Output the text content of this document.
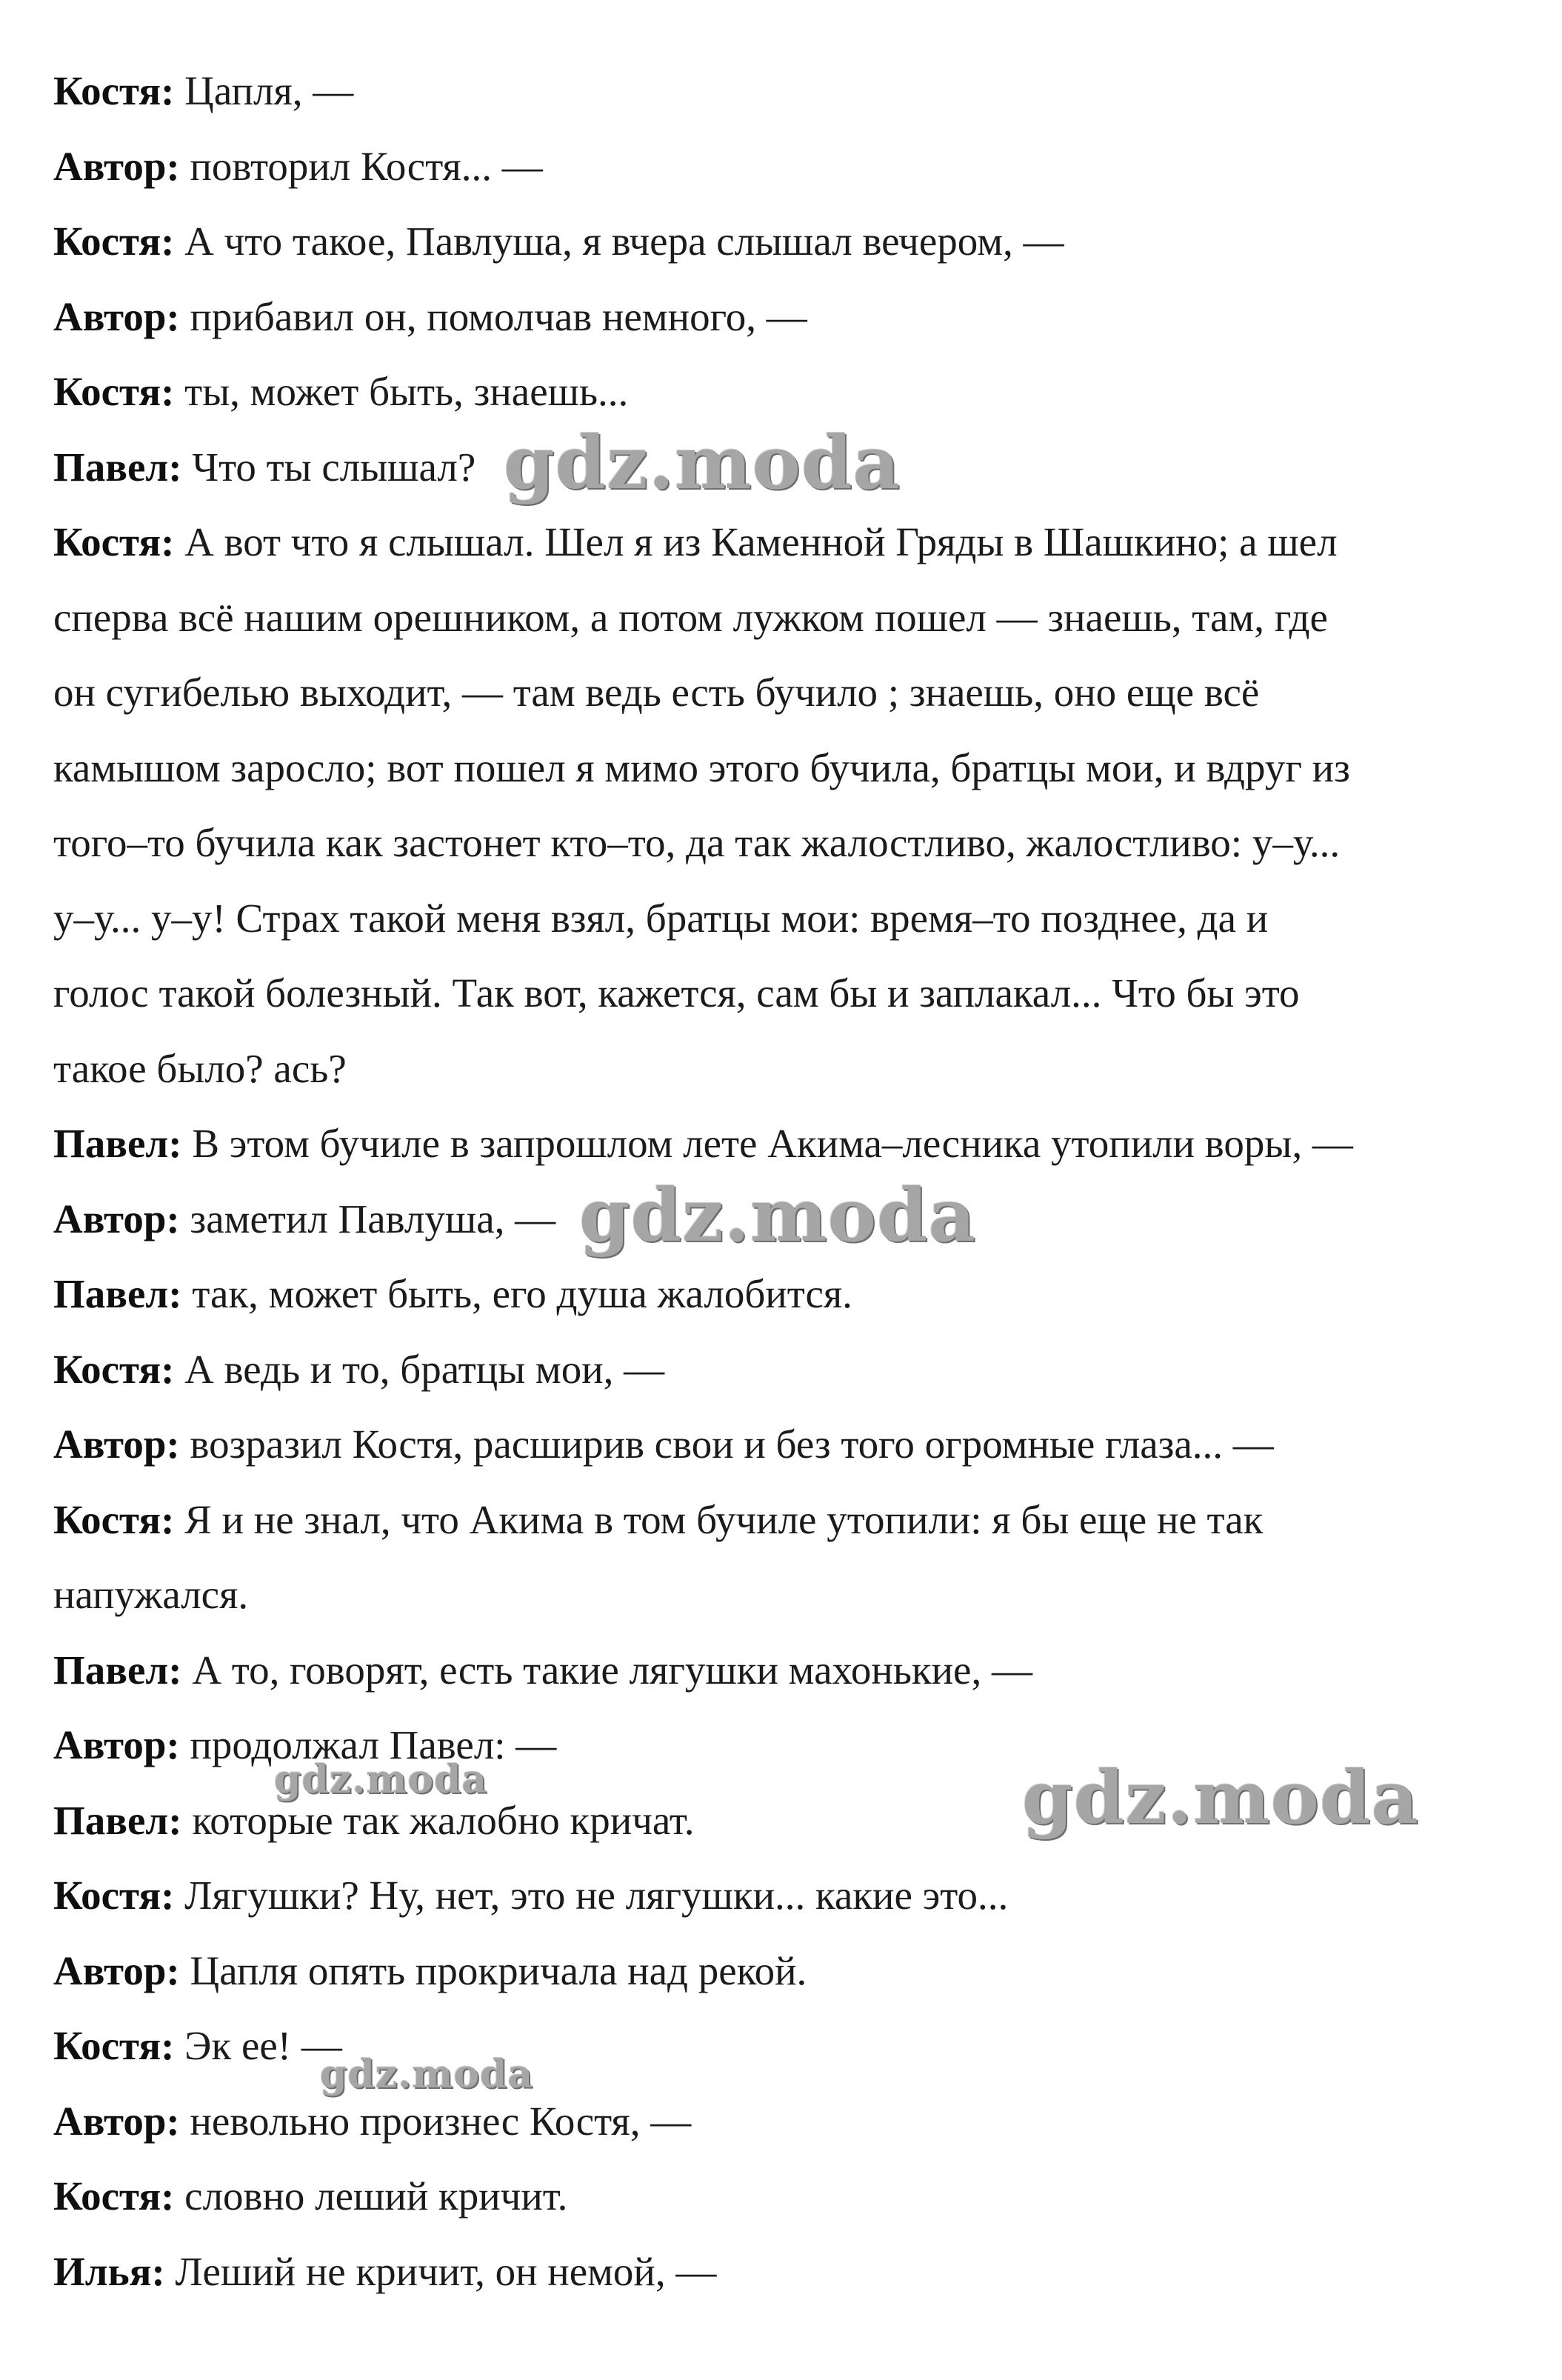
Костя: Цапля, —
Автор: повторил Костя... —
Костя: А что такое, Павлуша, я вчера слышал вечером, —
Автор: прибавил он, помолчав немного, —
Костя: ты, может быть, знаешь...
Павел: Что ты слышал?
Костя: А вот что я слышал. Шел я из Каменной Гряды в Шашкино; а шел
сперва всё нашим орешником, а потом лужком пошел — знаешь, там, где
он сугибелью выходит, — там ведь есть бучило ; знаешь, оно еще всё
камышом заросло; вот пошел я мимо этого бучила, братцы мои, и вдруг из
того–то бучила как застонет кто–то, да так жалостливо, жалостливо: у–у...
у–у... у–у! Страх такой меня взял, братцы мои: время–то позднее, да и
голос такой болезный. Так вот, кажется, сам бы и заплакал... Что бы это
такое было? ась?
Павел: В этом бучиле в запрошлом лете Акима–лесника утопили воры, —
Автор: заметил Павлуша, —
Павел: так, может быть, его душа жалобится.
Костя: А ведь и то, братцы мои, —
Автор: возразил Костя, расширив свои и без того огромные глаза... —
Костя: Я и не знал, что Акима в том бучиле утопили: я бы еще не так
напужался.
Павел: А то, говорят, есть такие лягушки махонькие, —
Автор: продолжал Павел: —
Павел: которые так жалобно кричат.
Костя: Лягушки? Ну, нет, это не лягушки... какие это...
Автор: Цапля опять прокричала над рекой.
Костя: Эк ее! —
Автор: невольно произнес Костя, —
Костя: словно леший кричит.
Илья: Леший не кричит, он немой, —
gdz.moda
gdz.moda
gdz.moda
gdz.moda
gdz.moda
